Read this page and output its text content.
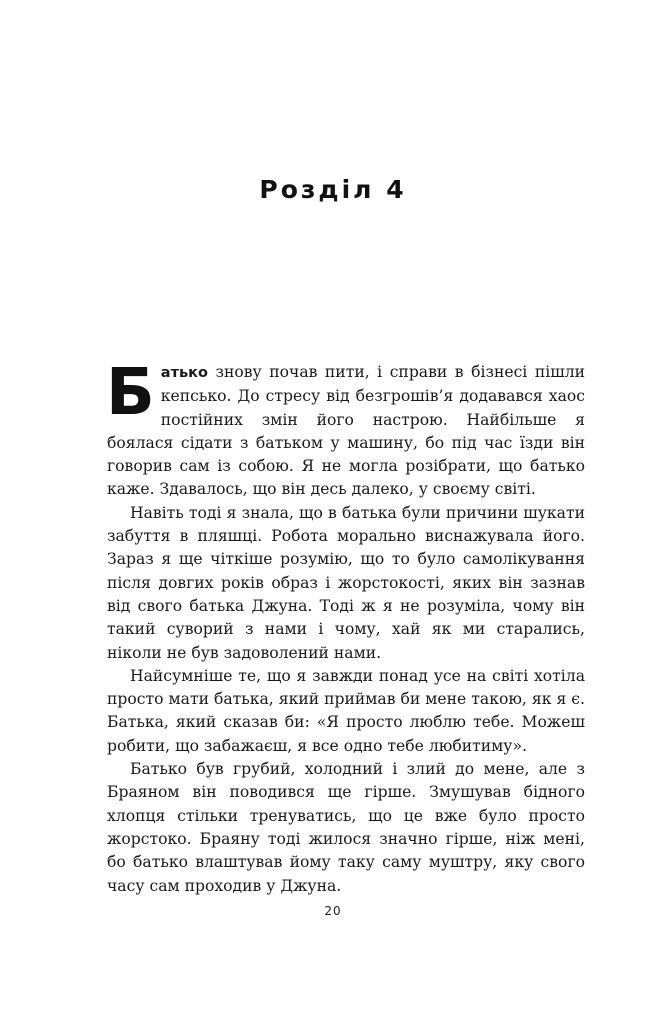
Розділ 4

Батько знову почав пити, і справи в бізнесі пішли кепсько. До стресу від безгрошів’я додавався хаос постійних змін його настрою. Найбільше я боялася сідати з батьком у машину, бо під час їзди він говорив сам із собою. Я не могла розібрати, що батько каже. Здавалось, що він десь далеко, у своєму світі.

Навіть тоді я знала, що в батька були причини шукати забуття в пляшці. Робота морально виснажувала його. Зараз я ще чіткіше розумію, що то було самолікування після довгих років образ і жорстокості, яких він зазнав від свого батька Джуна. Тоді ж я не розуміла, чому він такий суворий з нами і чому, хай як ми старались, ніколи не був задоволений нами.

Найсумніше те, що я завжди понад усе на світі хотіла просто мати батька, який приймав би мене такою, як я є. Батька, який сказав би: «Я просто люблю тебе. Можеш робити, що забажаєш, я все одно тебе любитиму».

Батько був грубий, холодний і злий до мене, але з Браяном він поводився ще гірше. Змушував бідного хлопця стільки тренуватись, що це вже було просто жорстоко. Браяну тоді жилося значно гірше, ніж мені, бо батько влаштував йому таку саму муштру, яку свого часу сам проходив у Джуна.

20
